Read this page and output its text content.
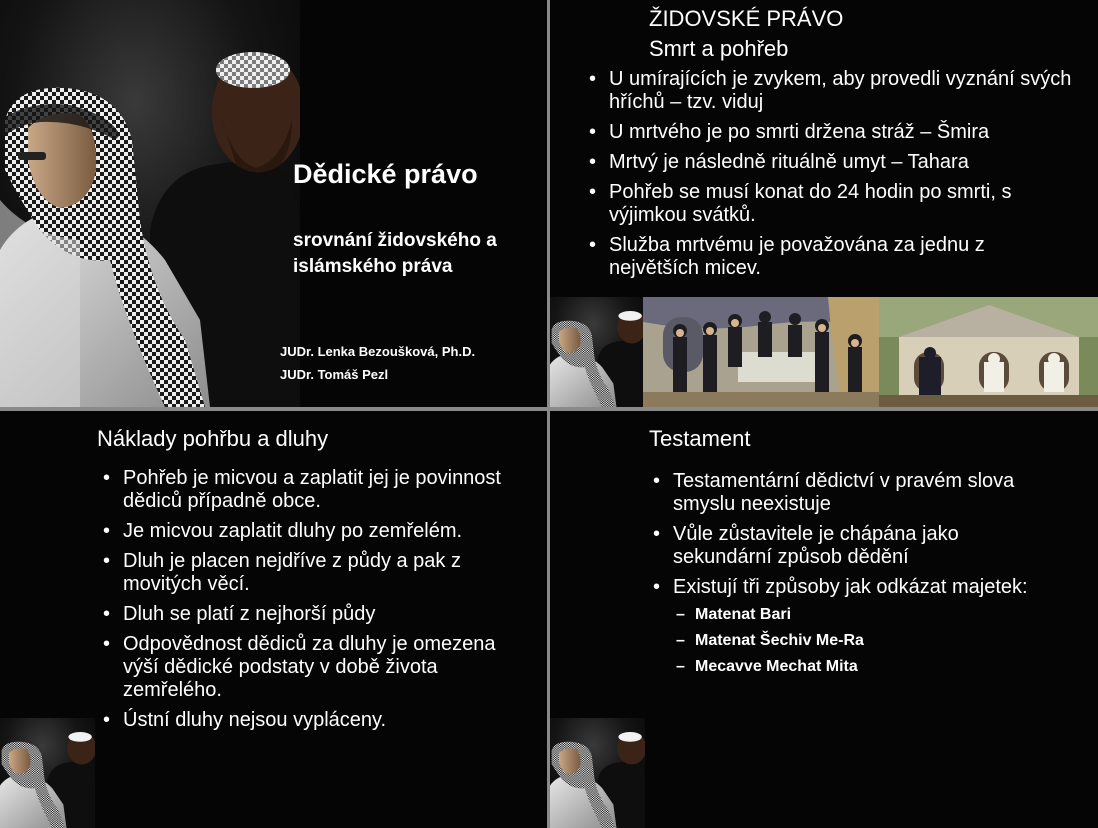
Dědické právo
srovnání židovského a
islámského práva
JUDr. Lenka Bezoušková, Ph.D.
JUDr. Tomáš Pezl
ŽIDOVSKÉ PRÁVO
Smrt a pohřeb
• U umírajících je zvykem, aby provedli vyznání svých hříchů – tzv. viduj
• U mrtvého je po smrti držena stráž – Šmira
• Mrtvý je následně rituálně umyt – Tahara
• Pohřeb se musí konat do 24 hodin po smrti, s výjimkou svátků.
• Služba mrtvému je považována za jednu z největších micev.
Náklady pohřbu a dluhy
• Pohřeb je micvou a zaplatit jej je povinnost dědiců případně obce.
• Je micvou zaplatit dluhy po zemřelém.
• Dluh je placen nejdříve z půdy a pak z movitých věcí.
• Dluh se platí z nejhorší půdy
• Odpovědnost dědiců za dluhy je omezena výší dědické podstaty v době života zemřelého.
• Ústní dluhy nejsou vypláceny.
Testament
• Testamentární dědictví v pravém slova smyslu neexistuje
• Vůle zůstavitele je chápána jako sekundární způsob dědění
• Existují tři způsoby jak odkázat majetek:
– Matenat Bari
– Matenat Šechiv Me-Ra
– Mecavve Mechat Mita
